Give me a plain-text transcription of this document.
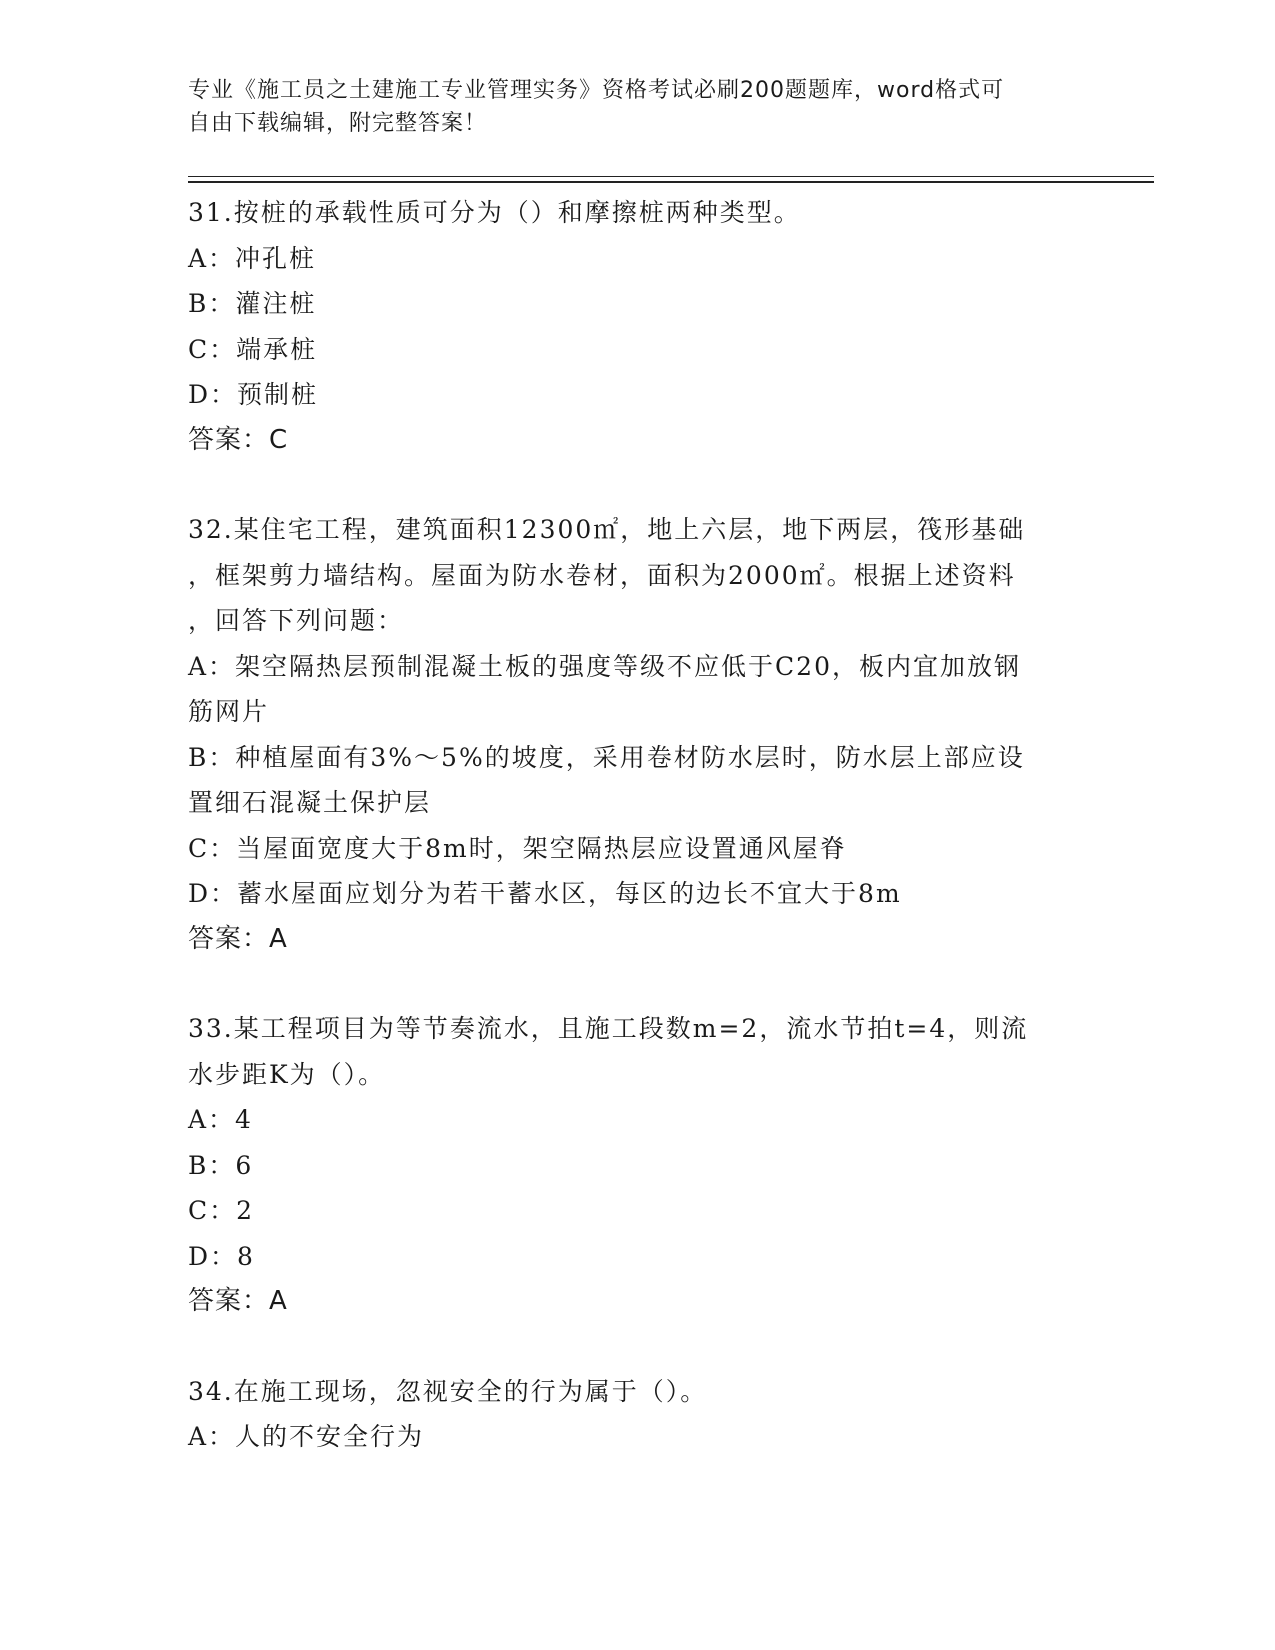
专业《施工员之土建施工专业管理实务》资格考试必刷200题题库，word格式可
自由下载编辑，附完整答案！
31.按桩的承载性质可分为（）和摩擦桩两种类型。
A：冲孔桩
B：灌注桩
C：端承桩
D：预制桩
答案：C
32.某住宅工程，建筑面积12300㎡，地上六层，地下两层，筏形基础
，框架剪力墙结构。屋面为防水卷材，面积为2000㎡。根据上述资料
，回答下列问题：
A：架空隔热层预制混凝土板的强度等级不应低于C20，板内宜加放钢
筋网片
B：种植屋面有3%～5%的坡度，采用卷材防水层时，防水层上部应设
置细石混凝土保护层
C：当屋面宽度大于8m时，架空隔热层应设置通风屋脊
D：蓄水屋面应划分为若干蓄水区，每区的边长不宜大于8m
答案：A
33.某工程项目为等节奏流水，且施工段数m=2，流水节拍t=4，则流
水步距K为（）。
A：4
B：6
C：2
D：8
答案：A
34.在施工现场，忽视安全的行为属于（）。
A：人的不安全行为
